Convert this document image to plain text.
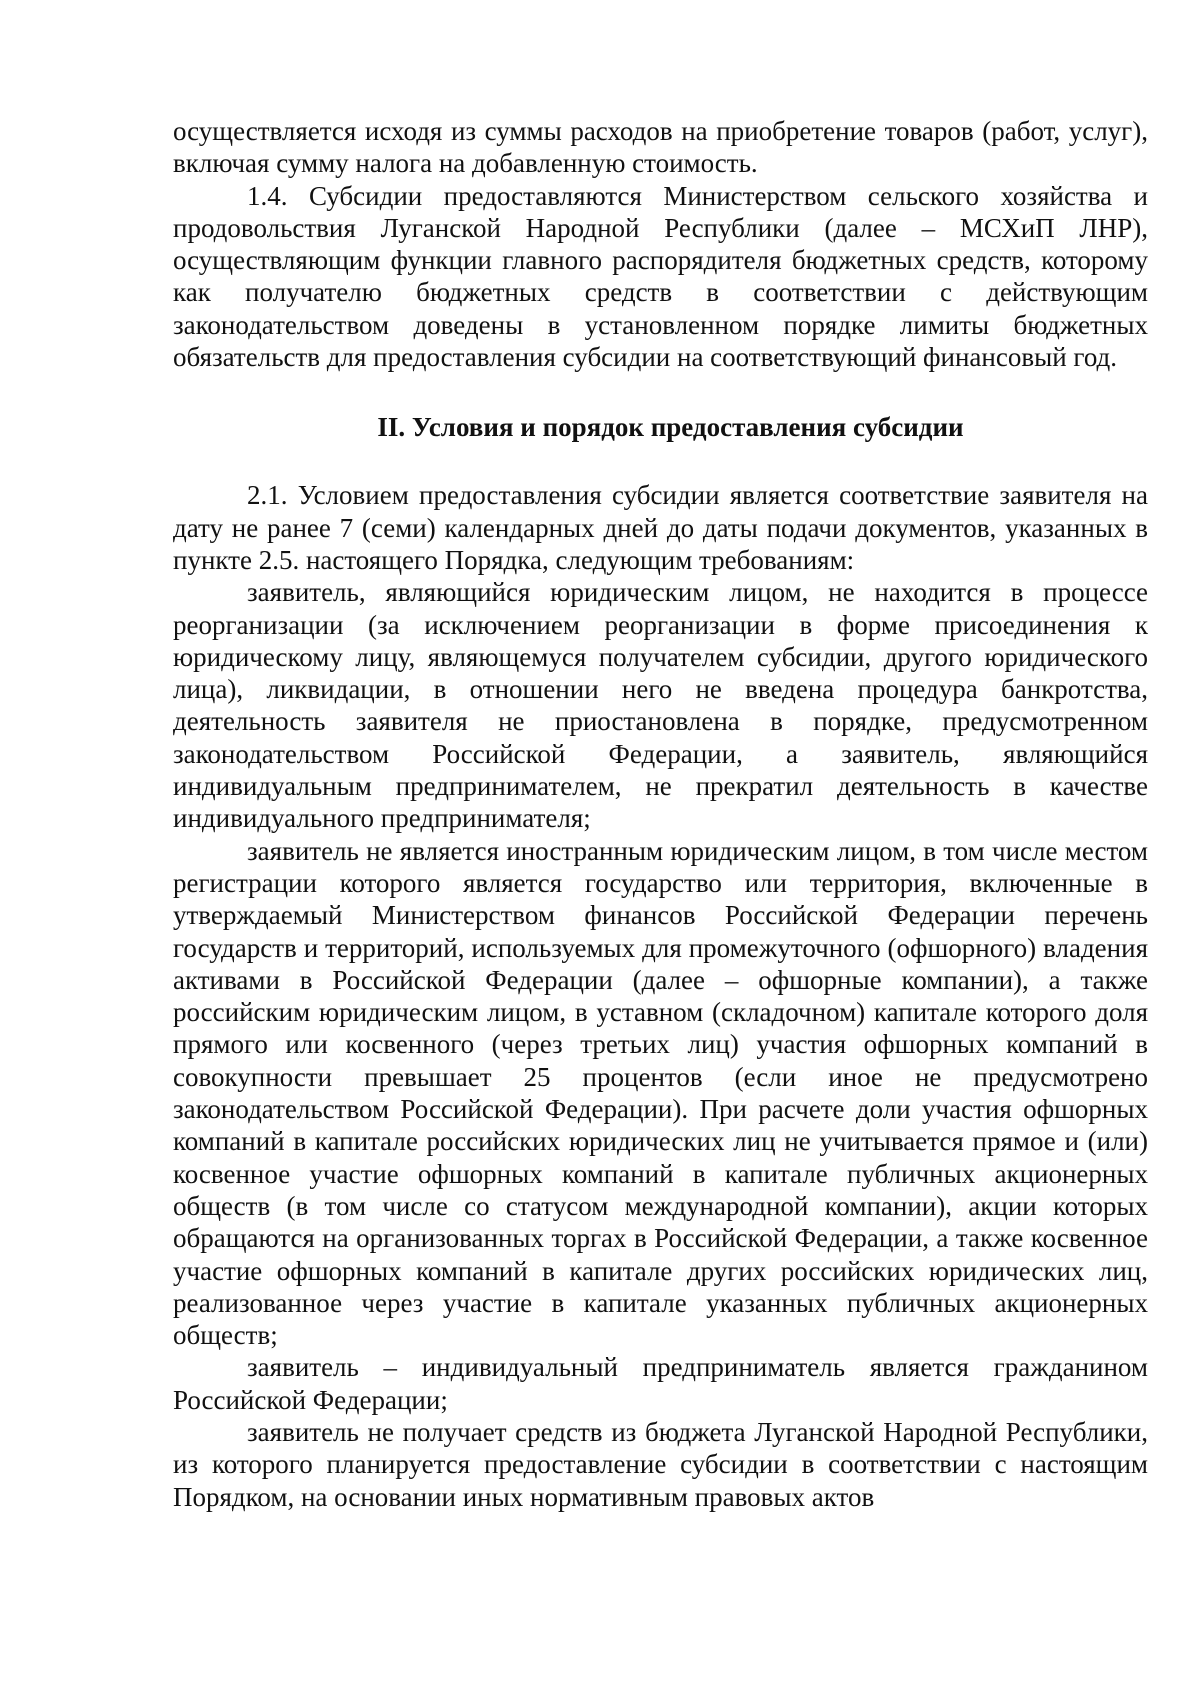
осуществляется исходя из суммы расходов на приобретение товаров (работ, услуг), включая сумму налога на добавленную стоимость.

1.4. Субсидии предоставляются Министерством сельского хозяйства и продовольствия Луганской Народной Республики (далее – МСХиП ЛНР), осуществляющим функции главного распорядителя бюджетных средств, которому как получателю бюджетных средств в соответствии с действующим законодательством доведены в установленном порядке лимиты бюджетных обязательств для предоставления субсидии на соответствующий финансовый год.

II. Условия и порядок предоставления субсидии

2.1. Условием предоставления субсидии является соответствие заявителя на дату не ранее 7 (семи) календарных дней до даты подачи документов, указанных в пункте 2.5. настоящего Порядка, следующим требованиям:

заявитель, являющийся юридическим лицом, не находится в процессе реорганизации (за исключением реорганизации в форме присоединения к юридическому лицу, являющемуся получателем субсидии, другого юридического лица), ликвидации, в отношении него не введена процедура банкротства, деятельность заявителя не приостановлена в порядке, предусмотренном законодательством Российской Федерации, а заявитель, являющийся индивидуальным предпринимателем, не прекратил деятельность в качестве индивидуального предпринимателя;

заявитель не является иностранным юридическим лицом, в том числе местом регистрации которого является государство или территория, включенные в утверждаемый Министерством финансов Российской Федерации перечень государств и территорий, используемых для промежуточного (офшорного) владения активами в Российской Федерации (далее – офшорные компании), а также российским юридическим лицом, в уставном (складочном) капитале которого доля прямого или косвенного (через третьих лиц) участия офшорных компаний в совокупности превышает 25 процентов (если иное не предусмотрено законодательством Российской Федерации). При расчете доли участия офшорных компаний в капитале российских юридических лиц не учитывается прямое и (или) косвенное участие офшорных компаний в капитале публичных акционерных обществ (в том числе со статусом международной компании), акции которых обращаются на организованных торгах в Российской Федерации, а также косвенное участие офшорных компаний в капитале других российских юридических лиц, реализованное через участие в капитале указанных публичных акционерных обществ;

заявитель – индивидуальный предприниматель является гражданином Российской Федерации;

заявитель не получает средств из бюджета Луганской Народной Республики, из которого планируется предоставление субсидии в соответствии с настоящим Порядком, на основании иных нормативным правовых актов
